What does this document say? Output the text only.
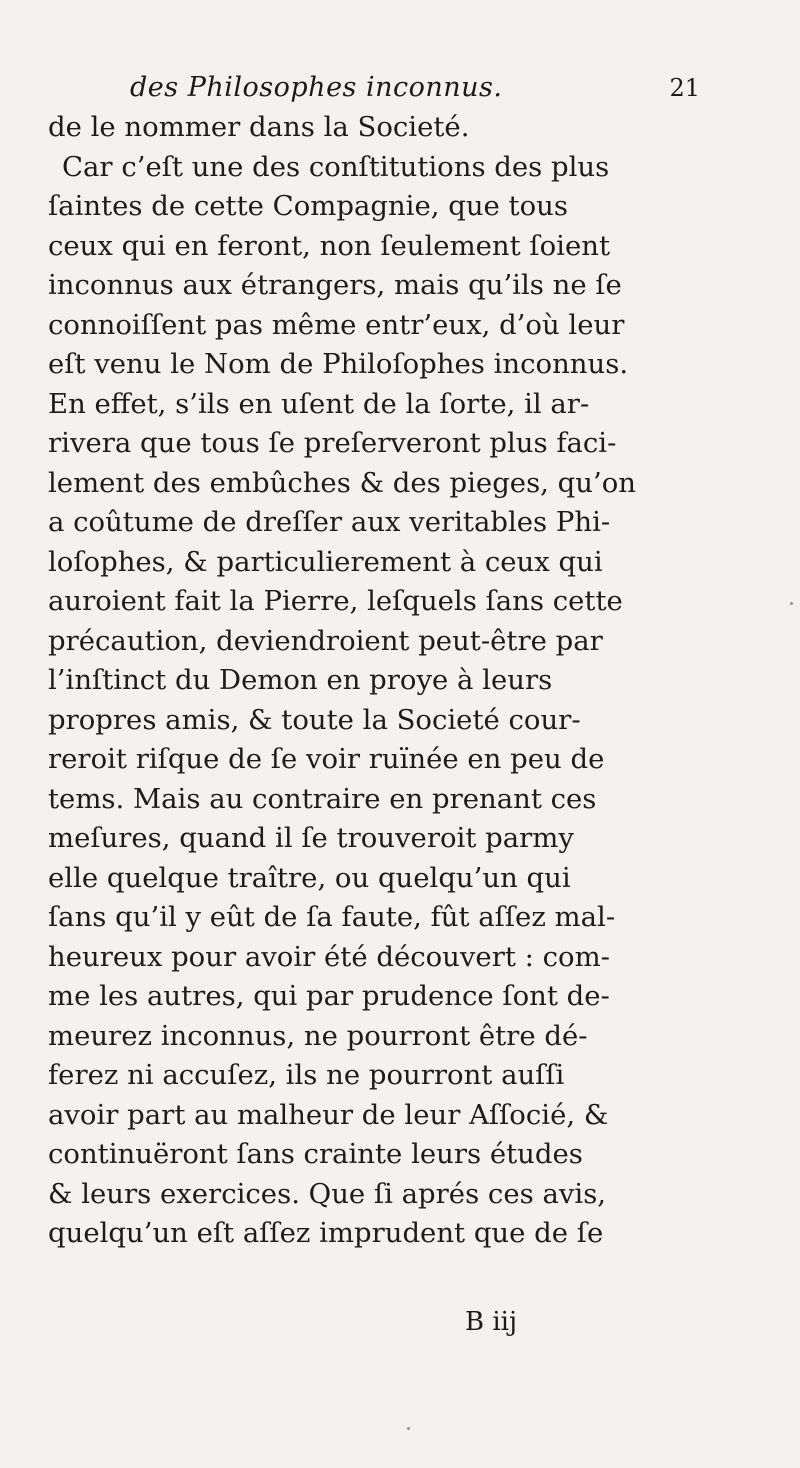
des Philosophes inconnus.	21
de le nommer dans la Societé.
Car c’eſt une des conſtitutions des plus
ſaintes de cette Compagnie, que tous
ceux qui en feront, non ſeulement ſoient
inconnus aux étrangers, mais qu’ils ne ſe
connoiſſent pas même entr’eux, d’où leur
eſt venu le Nom de Philoſophes inconnus.
En effet, s’ils en uſent de la ſorte, il ar-
rivera que tous ſe preſerveront plus faci-
lement des embûches & des pieges, qu’on
a coûtume de dreſſer aux veritables Phi-
loſophes, & particulierement à ceux qui
auroient fait la Pierre, leſquels ſans cette
précaution, deviendroient peut-être par
l’inſtinct du Demon en proye à leurs
propres amis, & toute la Societé cour-
reroit riſque de ſe voir ruïnée en peu de
tems. Mais au contraire en prenant ces
meſures, quand il ſe trouveroit parmy
elle quelque traître, ou quelqu’un qui
ſans qu’il y eût de ſa faute, fût aſſez mal-
heureux pour avoir été découvert : com-
me les autres, qui par prudence ſont de-
meurez inconnus, ne pourront être dé-
ferez ni accuſez, ils ne pourront auſſi
avoir part au malheur de leur Aſſocié, &
continuëront ſans crainte leurs études
& leurs exercices. Que ſi aprés ces avis,
quelqu’un eſt aſſez imprudent que de ſe
B iij
